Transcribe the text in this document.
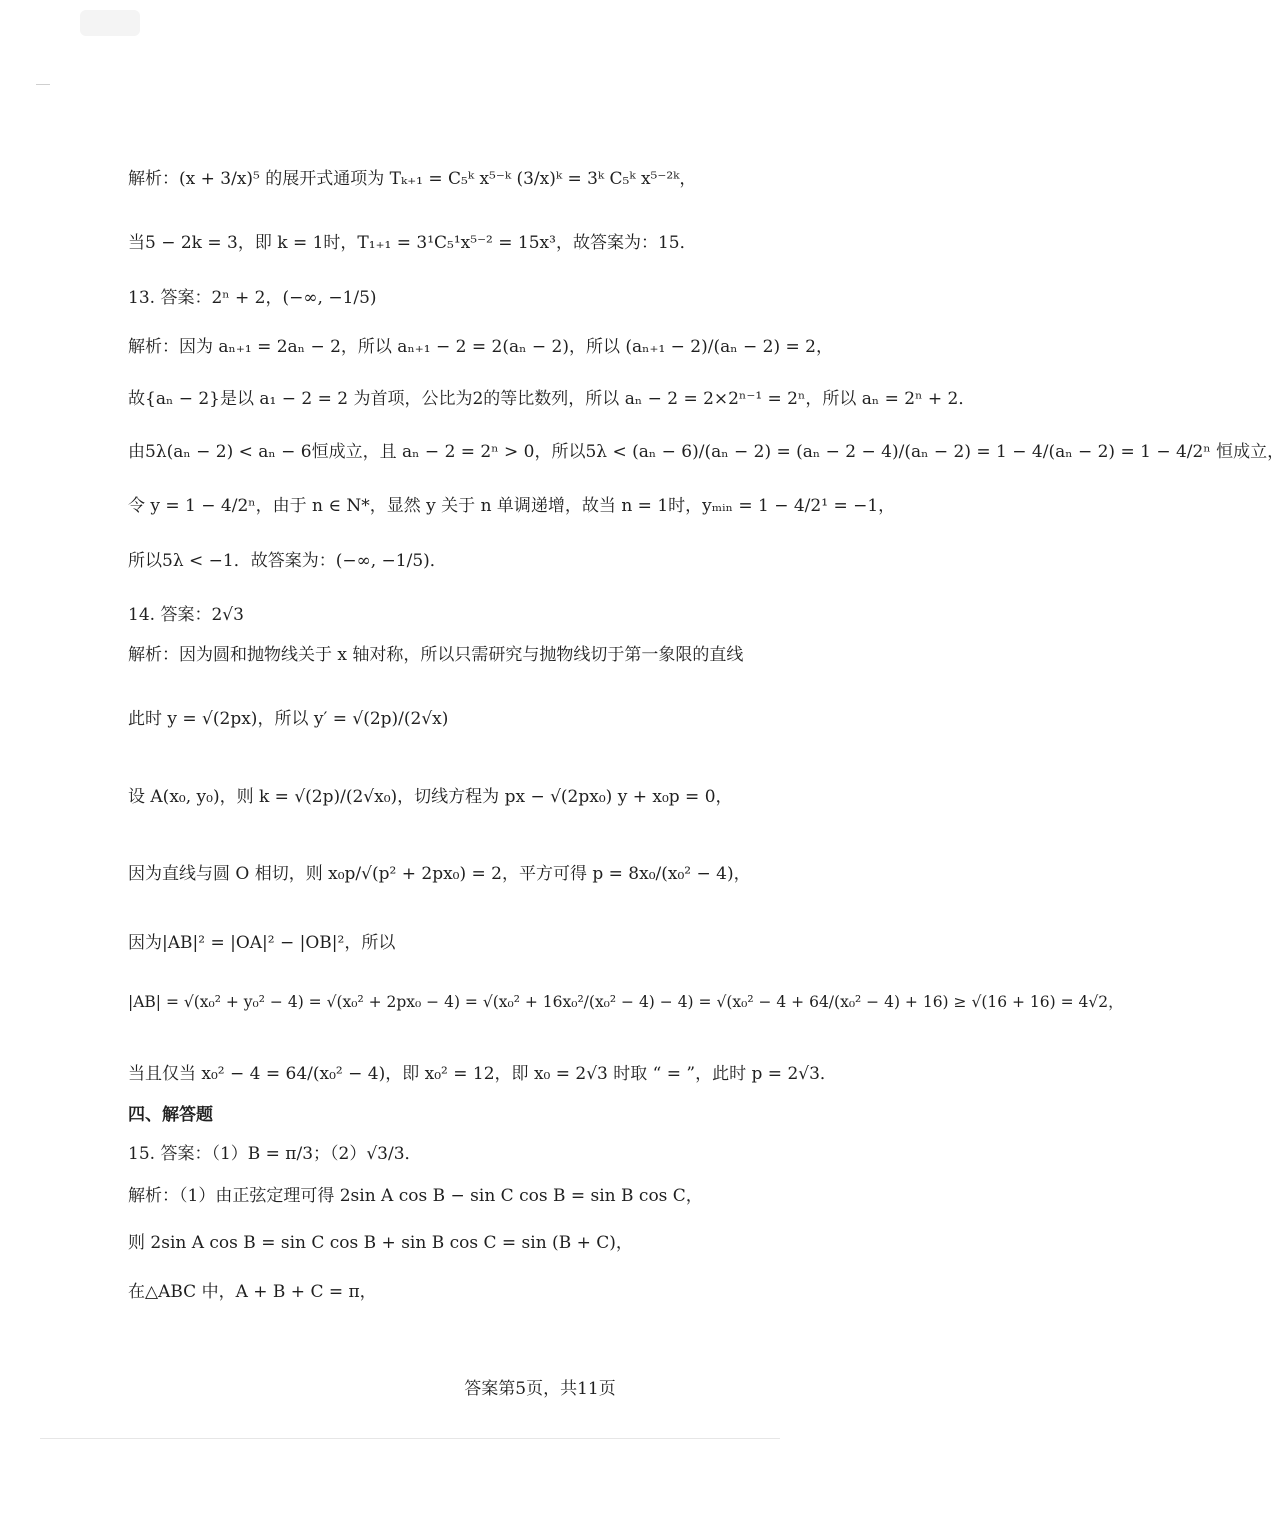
解析：(x + 3/x)⁵ 的展开式通项为 Tₖ₊₁ = C₅ᵏ x⁵⁻ᵏ (3/x)ᵏ = 3ᵏ C₅ᵏ x⁵⁻²ᵏ，
当5 − 2k = 3，即 k = 1时，T₁₊₁ = 3¹C₅¹x⁵⁻² = 15x³，故答案为：15．
13. 答案：2ⁿ + 2，(−∞, −1/5)
解析：因为 aₙ₊₁ = 2aₙ − 2，所以 aₙ₊₁ − 2 = 2(aₙ − 2)，所以 (aₙ₊₁ − 2)/(aₙ − 2) = 2，
故{aₙ − 2}是以 a₁ − 2 = 2 为首项，公比为2的等比数列，所以 aₙ − 2 = 2×2ⁿ⁻¹ = 2ⁿ，所以 aₙ = 2ⁿ + 2．
由5λ(aₙ − 2) < aₙ − 6恒成立，且 aₙ − 2 = 2ⁿ > 0，所以5λ < (aₙ − 6)/(aₙ − 2) = (aₙ − 2 − 4)/(aₙ − 2) = 1 − 4/(aₙ − 2) = 1 − 4/2ⁿ 恒成立，
令 y = 1 − 4/2ⁿ，由于 n ∈ N*，显然 y 关于 n 单调递增，故当 n = 1时，yₘᵢₙ = 1 − 4/2¹ = −1，
所以5λ < −1．故答案为：(−∞, −1/5)．
14. 答案：2√3
解析：因为圆和抛物线关于 x 轴对称，所以只需研究与抛物线切于第一象限的直线
此时 y = √(2px)，所以 y′ = √(2p)/(2√x)
设 A(x₀, y₀)，则 k = √(2p)/(2√x₀)，切线方程为 px − √(2px₀) y + x₀p = 0，
因为直线与圆 O 相切，则 x₀p/√(p² + 2px₀) = 2，平方可得 p = 8x₀/(x₀² − 4)，
因为|AB|² = |OA|² − |OB|²，所以
|AB| = √(x₀² + y₀² − 4) = √(x₀² + 2px₀ − 4) = √(x₀² + 16x₀²/(x₀² − 4) − 4) = √(x₀² − 4 + 64/(x₀² − 4) + 16) ≥ √(16 + 16) = 4√2，
当且仅当 x₀² − 4 = 64/(x₀² − 4)，即 x₀² = 12，即 x₀ = 2√3 时取 “ = ”，此时 p = 2√3．
四、解答题
15. 答案：（1）B = π/3；（2）√3/3．
解析：（1）由正弦定理可得 2sin A cos B − sin C cos B = sin B cos C，
则 2sin A cos B = sin C cos B + sin B cos C = sin (B + C)，
在△ABC 中，A + B + C = π，
答案第5页，共11页
